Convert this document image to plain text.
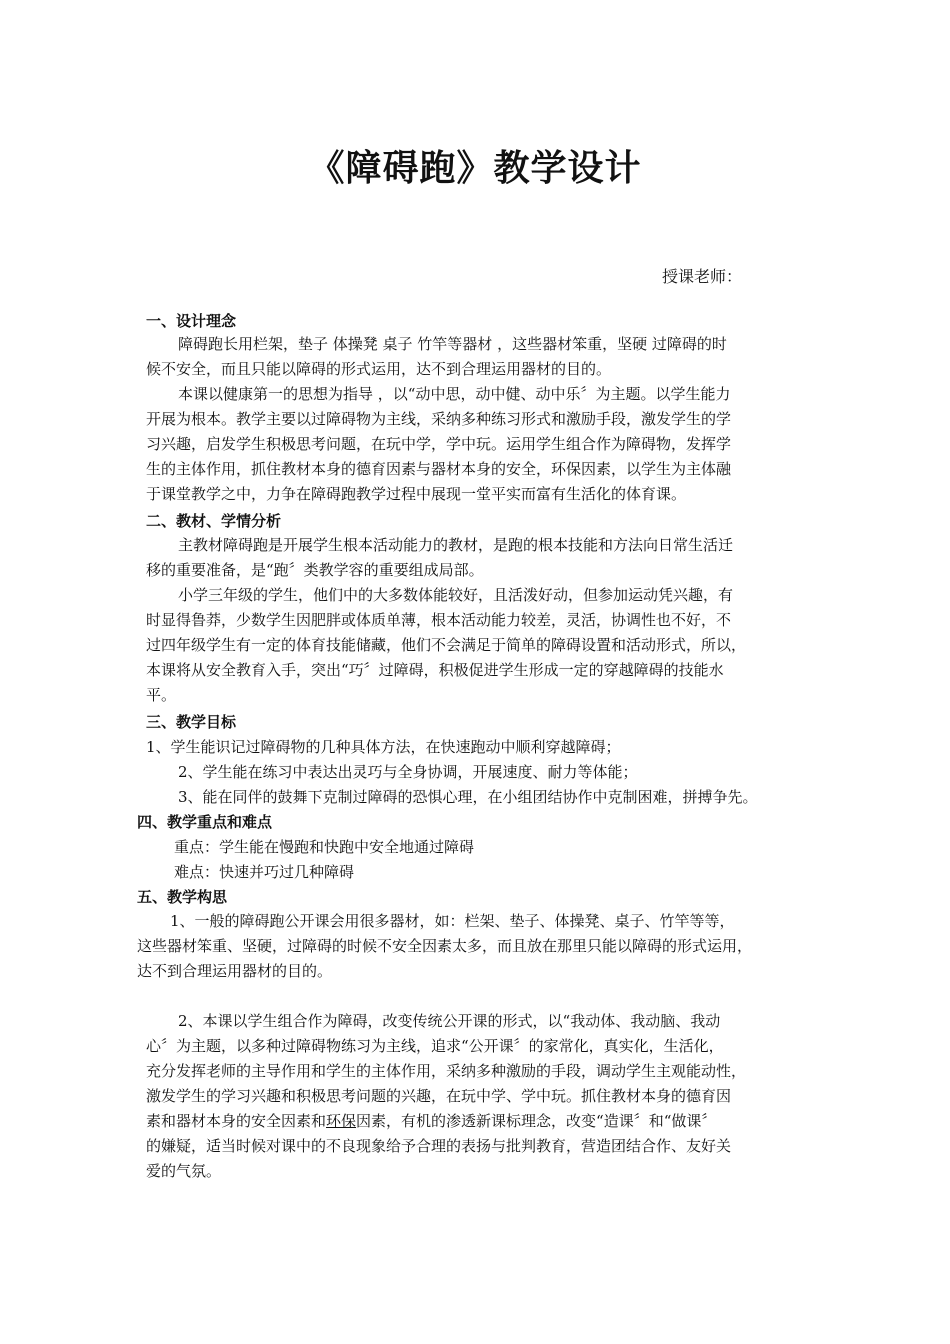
《障碍跑》教学设计
授课老师：
一、设计理念
障碍跑长用栏架，垫子 体操凳 桌子 竹竿等器材 ，这些器材笨重，坚硬 过障碍的时
候不安全，而且只能以障碍的形式运用，达不到合理运用器材的目的。
本课以健康第一的思想为指导 ，以“动中思，动中健、动中乐〞为主题。以学生能力
开展为根本。教学主要以过障碍物为主线，采纳多种练习形式和激励手段，激发学生的学
习兴趣，启发学生积极思考问题，在玩中学，学中玩。运用学生组合作为障碍物，发挥学
生的主体作用，抓住教材本身的德育因素与器材本身的安全，环保因素，以学生为主体融
于课堂教学之中，力争在障碍跑教学过程中展现一堂平实而富有生活化的体育课。
二、教材、学情分析
主教材障碍跑是开展学生根本活动能力的教材，是跑的根本技能和方法向日常生活迁
移的重要准备，是“跑〞类教学容的重要组成局部。
小学三年级的学生，他们中的大多数体能较好，且活泼好动，但参加运动凭兴趣，有
时显得鲁莽，少数学生因肥胖或体质单薄，根本活动能力较差，灵活，协调性也不好，不
过四年级学生有一定的体育技能储藏，他们不会满足于简单的障碍设置和活动形式，所以，
本课将从安全教育入手，突出“巧〞过障碍，积极促进学生形成一定的穿越障碍的技能水
平。
三、教学目标
1、学生能识记过障碍物的几种具体方法，在快速跑动中顺利穿越障碍；
2、学生能在练习中表达出灵巧与全身协调，开展速度、耐力等体能；
3、能在同伴的鼓舞下克制过障碍的恐惧心理，在小组团结协作中克制困难，拼搏争先。
四、教学重点和难点
重点：学生能在慢跑和快跑中安全地通过障碍
难点：快速并巧过几种障碍
五、教学构思
1、一般的障碍跑公开课会用很多器材，如：栏架、垫子、体操凳、桌子、竹竿等等，
这些器材笨重、坚硬，过障碍的时候不安全因素太多，而且放在那里只能以障碍的形式运用，
达不到合理运用器材的目的。
2、本课以学生组合作为障碍，改变传统公开课的形式，以“我动体、我动脑、我动
心〞为主题，以多种过障碍物练习为主线，追求“公开课〞的家常化，真实化，生活化，
充分发挥老师的主导作用和学生的主体作用，采纳多种激励的手段，调动学生主观能动性，
激发学生的学习兴趣和积极思考问题的兴趣，在玩中学、学中玩。抓住教材本身的德育因
素和器材本身的安全因素和环保因素，有机的渗透新课标理念，改变“造课〞和“做课〞
的嫌疑，适当时候对课中的不良现象给予合理的表扬与批判教育，营造团结合作、友好关
爱的气氛。
